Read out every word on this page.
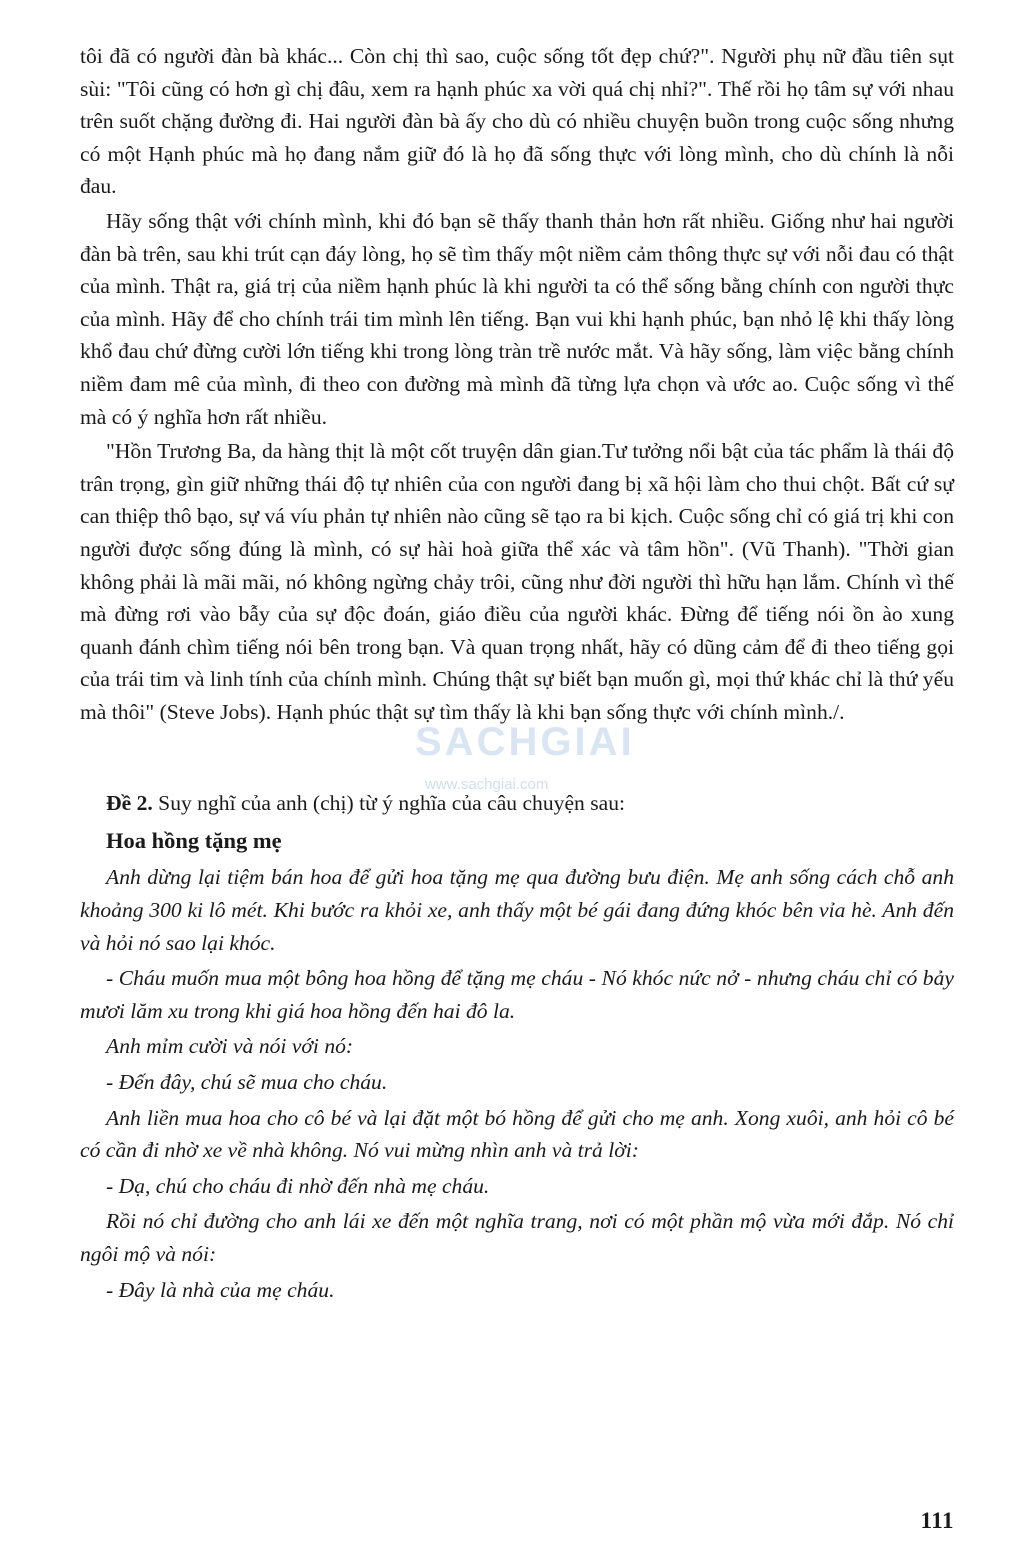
tôi đã có người đàn bà khác... Còn chị thì sao, cuộc sống tốt đẹp chứ?". Người phụ nữ đầu tiên sụt sùi: "Tôi cũng có hơn gì chị đâu, xem ra hạnh phúc xa vời quá chị nhỉ?". Thế rồi họ tâm sự với nhau trên suốt chặng đường đi. Hai người đàn bà ấy cho dù có nhiều chuyện buồn trong cuộc sống nhưng có một Hạnh phúc mà họ đang nắm giữ đó là họ đã sống thực với lòng mình, cho dù chính là nỗi đau.

Hãy sống thật với chính mình, khi đó bạn sẽ thấy thanh thản hơn rất nhiều. Giống như hai người đàn bà trên, sau khi trút cạn đáy lòng, họ sẽ tìm thấy một niềm cảm thông thực sự với nỗi đau có thật của mình. Thật ra, giá trị của niềm hạnh phúc là khi người ta có thể sống bằng chính con người thực của mình. Hãy để cho chính trái tim mình lên tiếng. Bạn vui khi hạnh phúc, bạn nhỏ lệ khi thấy lòng khổ đau chứ đừng cười lớn tiếng khi trong lòng tràn trề nước mắt. Và hãy sống, làm việc bằng chính niềm đam mê của mình, đi theo con đường mà mình đã từng lựa chọn và ước ao. Cuộc sống vì thế mà có ý nghĩa hơn rất nhiều.

"Hồn Trương Ba, da hàng thịt là một cốt truyện dân gian.Tư tưởng nổi bật của tác phẩm là thái độ trân trọng, gìn giữ những thái độ tự nhiên của con người đang bị xã hội làm cho thui chột. Bất cứ sự can thiệp thô bạo, sự vá víu phản tự nhiên nào cũng sẽ tạo ra bi kịch. Cuộc sống chỉ có giá trị khi con người được sống đúng là mình, có sự hài hoà giữa thể xác và tâm hồn". (Vũ Thanh). "Thời gian không phải là mãi mãi, nó không ngừng chảy trôi, cũng như đời người thì hữu hạn lắm. Chính vì thế mà đừng rơi vào bẫy của sự độc đoán, giáo điều của người khác. Đừng để tiếng nói ồn ào xung quanh đánh chìm tiếng nói bên trong bạn. Và quan trọng nhất, hãy có dũng cảm để đi theo tiếng gọi của trái tim và linh tính của chính mình. Chúng thật sự biết bạn muốn gì, mọi thứ khác chỉ là thứ yếu mà thôi" (Steve Jobs). Hạnh phúc thật sự tìm thấy là khi bạn sống thực với chính mình./.

Đề 2. Suy nghĩ của anh (chị) từ ý nghĩa của câu chuyện sau:

Hoa hồng tặng mẹ

Anh dừng lại tiệm bán hoa để gửi hoa tặng mẹ qua đường bưu điện. Mẹ anh sống cách chỗ anh khoảng 300 ki lô mét. Khi bước ra khỏi xe, anh thấy một bé gái đang đứng khóc bên vỉa hè. Anh đến và hỏi nó sao lại khóc.

- Cháu muốn mua một bông hoa hồng để tặng mẹ cháu - Nó khóc nức nở - nhưng cháu chỉ có bảy mươi lăm xu trong khi giá hoa hồng đến hai đô la.

Anh mỉm cười và nói với nó:

- Đến đây, chú sẽ mua cho cháu.

Anh liền mua hoa cho cô bé và lại đặt một bó hồng để gửi cho mẹ anh. Xong xuôi, anh hỏi cô bé có cần đi nhờ xe về nhà không. Nó vui mừng nhìn anh và trả lời:

- Dạ, chú cho cháu đi nhờ đến nhà mẹ cháu.

Rồi nó chỉ đường cho anh lái xe đến một nghĩa trang, nơi có một phần mộ vừa mới đắp. Nó chỉ ngôi mộ và nói:

- Đây là nhà của mẹ cháu.

SACHGIAI
www.sachgiai.com
111
